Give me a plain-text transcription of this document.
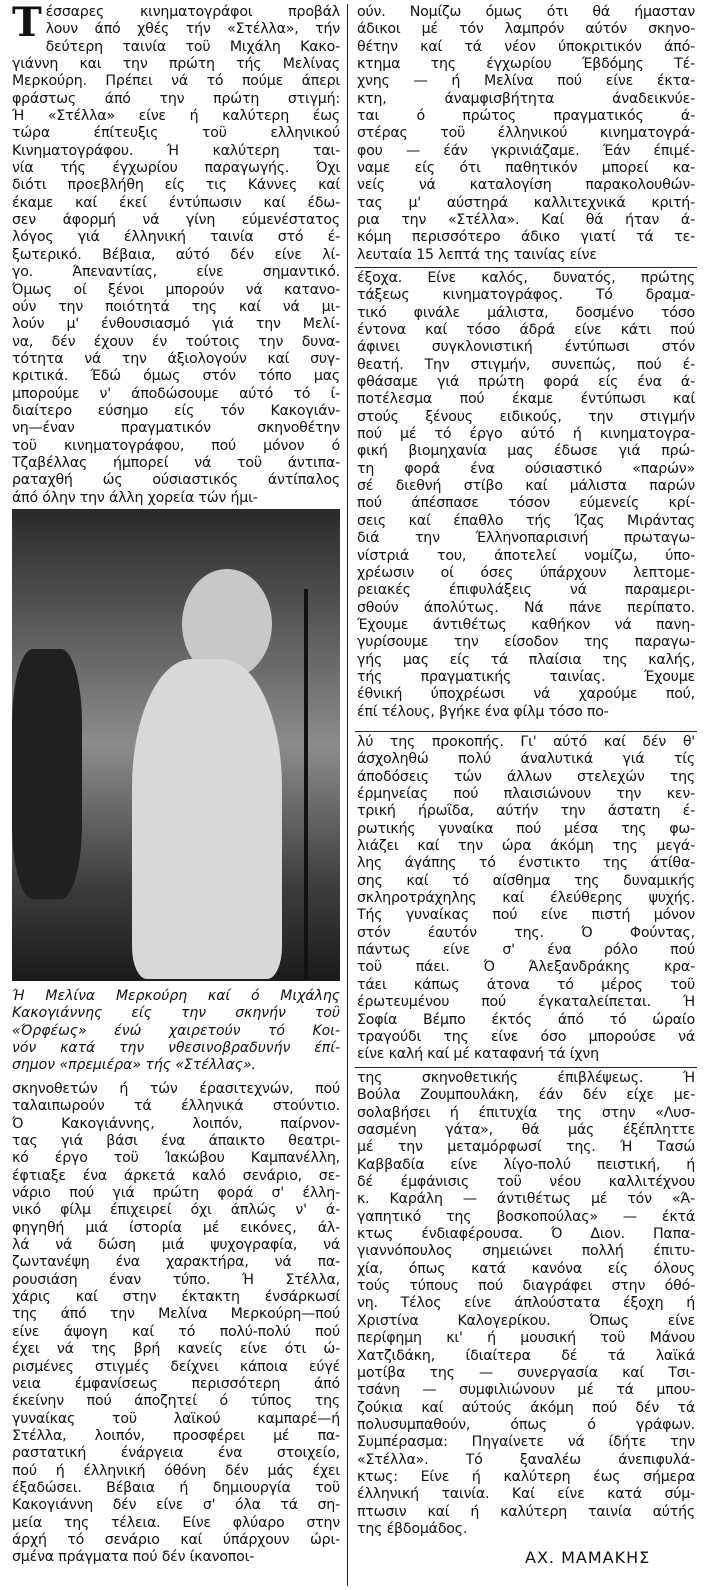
Τ έσσαρες κινηματογράφοι προβάλ
λουν άπό χθές τήν «Στέλλα», τήν
δεύτερη ταινία τοΰ Μιχάλη Κακο-
γιάννη και την πρώτη τής Μελίνας
Μερκούρη. Πρέπει νά τό πούμε άπερι
φράστως άπό την πρώτη στιγμή:
Ή «Στέλλα» είνε ή καλύτερη έως
τώρα έπίτευξις τοΰ ελληνικού
Κινηματογράφου. Ή καλύτερη ται-
νία τής έγχωρίου παραγωγής. Όχι
διότι προεβλήθη είς τις Κάννες καί
έκαμε καί έκεί έντύπωσιν καί έδω-
σεν άφορμή νά γίνη εύμενέστατος
λόγος γιά έλληνική ταινία στό έ-
ξωτερικό. Βέβαια, αύτό δέν είνε λί-
γο. Άπεναντίας, είνε σημαντικό.
Όμως οί ξένοι μπορούν νά κατανο-
ούν την ποιότητά της καί νά μι-
λούν μ' ένθουσιασμό γιά την Μελί-
να, δέν έχουν έν τούτοις την δυνα-
τότητα νά την άξιολογούν καί συγ-
κριτικά. Έδώ όμως στόν τόπο μας
μπορούμε ν' άποδώσουμε αύτό τό ί-
διαίτερο εύσημο είς τόν Κακογιάν-
νη—έναν πραγματικόν σκηνοθέτην
τοΰ κινηματογράφου, πού μόνον ό
Τζαβέλλας ήμπορεί νά τοΰ άντιπα-
ραταχθή ώς ούσιαστικός άντίπαλος
άπό όλην την άλλη χορεία τών ήμι-
Ή Μελίνα Μερκούρη καί ό Μιχάλης
Κακογιάννης είς την σκηνήν τοΰ
«Όρφέως» ένώ χαιρετούν τό Κοι-
νόν κατά την νθεσινοβραδυνήν έπί-
σημον «πρεμιέρα» τής «Στέλλας».
σκηνοθετών ή τών έρασιτεχνών, πού
ταλαιπωρούν τά έλληνικά στούντιο.
Ό Κακογιάννης, λοιπόν, παίρνον-
τας γιά βάσι ένα άπαικτο θεατρι-
κό έργο τοΰ Ίακώβου Καμπανέλλη,
έφτιαξε ένα άρκετά καλό σενάριο, σε-
νάριο πού γιά πρώτη φορά σ' έλλη-
νικό φίλμ έπιχειρεί όχι άπλώς ν' ά-
φηγηθή μιά ίστορία μέ εικόνες, άλ-
λά νά δώση μιά ψυχογραφία, νά
ζωντανέψη ένα χαρακτήρα, νά πα-
ρουσιάση έναν τύπο. Ή Στέλλα,
χάρις καί στην έκτακτη ένσάρκωσί
της άπό την Μελίνα Μερκούρη—πού
είνε άψογη καί τό πολύ-πολύ πού
έχει νά της βρή κανείς είνε ότι ώ-
ρισμένες στιγμές δείχνει κάποια εύγέ
νεια έμφανίσεως περισσότερη άπό
έκείνην πού άποζητεί ό τύπος της
γυναίκας τοΰ λαϊκού καμπαρέ—ή
Στέλλα, λοιπόν, προσφέρει μέ πα-
ραστατική ένάργεια ένα στοιχείο,
πού ή έλληνική όθόνη δέν μάς έχει
έξαδώσει. Βέβαια ή δημιουργία τοΰ
Κακογιάννη δέν είνε σ' όλα τά ση-
μεία της τέλεια. Είνε φλύαρο στην
άρχή τό σενάριο καί ύπάρχουν ώρι-
σμένα πράγματα πού δέν ίκανοποι-
ούν. Νομίζω όμως ότι θά ήμασταν
άδικοι μέ τόν λαμπρόν αύτόν σκηνο-
θέτην καί τά νέον ύποκριτικόν άπό-
κτημα της έγχωρίου Έβδόμης Τέ-
χνης — ή Μελίνα πού είνε έκτα-
κτη, άναμφισβήτητα άναδεικνύε-
ται ό πρώτος πραγματικός ά-
στέρας τοΰ έλληνικού κινηματογρά-
φου — έάν γκρινιάζαμε. Έάν έπιμέ-
ναμε είς ότι παθητικόν μπορεί κα-
νείς νά καταλογίση παρακολουθών-
τας μ' αύστηρά καλλιτεχνικά κριτή-
ρια την «Στέλλα». Καί θά ήταν ά-
κόμη περισσότερο άδικο γιατί τά τε-
λευταία 15 λεπτά της ταινίας είνε
έξοχα. Είνε καλός, δυνατός, πρώτης
τάξεως κινηματογράφος. Τό δραμα-
τικό φινάλε μάλιστα, δοσμένο τόσο
έντονα καί τόσο άδρά είνε κάτι πού
άφινει συγκλονιστική έντύπωσι στόν
θεατή. Την στιγμήν, συνεπώς, πού έ-
φθάσαμε γιά πρώτη φορά είς ένα ά-
ποτέλεσμα πού έκαμε έντύπωσι καί
στούς ξένους ειδικούς, την στιγμήν
πού μέ τό έργο αύτό ή κινηματογρα-
φική βιομηχανία μας έδωσε γιά πρώ-
τη φορά ένα ούσιαστικό «παρών»
σέ διεθνή στίβο καί μάλιστα παρών
πού άπέσπασε τόσον εύμενείς κρί-
σεις καί έπαθλο τής Ίζας Μιράντας
διά την Έλληνοπαρισινή πρωταγω-
νίστριά του, άποτελεί νομίζω, ύπο-
χρέωσιν οί όσες ύπάρχουν λεπτομε-
ρειακές έπιφυλάξεις νά παραμερι-
σθούν άπολύτως. Νά πάνε περίπατο.
Έχουμε άντιθέτως καθήκον νά πανη-
γυρίσουμε την είσοδον της παραγω-
γής μας είς τά πλαίσια της καλής,
τής πραγματικής ταινίας. Έχουμε
έθνική ύποχρέωσι νά χαρούμε πού,
έπί τέλους, βγήκε ένα φίλμ τόσο πο-
λύ της προκοπής. Γι' αύτό καί δέν θ'
άσχοληθώ πολύ άναλυτικά γιά τίς
άποδόσεις τών άλλων στελεχών της
έρμηνείας πού πλαισιώνουν την κεν-
τρική ήρωΐδα, αύτήν την άστατη έ-
ρωτικής γυναίκα πού μέσα της φω-
λιάζει καί την ώρα άκόμη της μεγά-
λης άγάπης τό ένστικτο της άτίθα-
σης καί τό αίσθημα της δυναμικής
σκληροτράχηλης καί έλεύθερης ψυχής.
Τής γυναίκας πού είνε πιστή μόνον
στόν έαυτόν της. Ό Φούντας,
πάντως είνε σ' ένα ρόλο πού
τοΰ πάει. Ό Άλεξανδράκης κρα-
τάει κάπως άτονα τό μέρος τοΰ
έρωτευμένου πού έγκαταλείπεται. Ή
Σοφία Βέμπο έκτός άπό τό ώραίο
τραγούδι της είνε όσο μπορούσε νά
είνε καλή καί μέ καταφανή τά ίχνη
της σκηνοθετικής έπιβλέψεως. Ή
Βούλα Ζουμπουλάκη, έάν δέν είχε με-
σολαβήσει ή έπιτυχία της στην «Λυσ-
σασμένη γάτα», θά μάς έξέπληττε
μέ την μεταμόρφωσί της. Ή Τασώ
Καββαδία είνε λίγο-πολύ πειστική, ή
δέ έμφάνισις τοΰ νέου καλλιτέχνου
κ. Καράλη — άντιθέτως μέ τόν «Ά-
γαπητικό της βοσκοπούλας» — έκτά
κτως ένδιαφέρουσα. Ό Διον. Παπα-
γιαννόπουλος σημειώνει πολλή έπιτυ-
χία, όπως κατά κανόνα είς όλους
τούς τύπους πού διαγράφει στην όθό-
νη. Τέλος είνε άπλούστατα έξοχη ή
Χριστίνα Καλογερίκου. Όπως είνε
περίφημη κι' ή μουσική τοΰ Μάνου
Χατζιδάκη, ίδιαίτερα δέ τά λαϊκά
μοτίβα της — συνεργασία καί Τσι-
τσάνη — συμφιλιώνουν μέ τά μπου-
ζούκια καί αύτούς άκόμη πού δέν τά
πολυσυμπαθούν, όπως ό γράφων.
Συμπέρασμα: Πηγαίνετε νά ίδήτε την
«Στέλλα». Τό ξαναλέω άνεπιφυλά-
κτως: Είνε ή καλύτερη έως σήμερα
έλληνική ταινία. Καί είνε κατά σύμ-
πτωσιν καί ή καλύτερη ταινία αύτής
της έβδομάδος.
ΑΧ. ΜΑΜΑΚΗΣ
